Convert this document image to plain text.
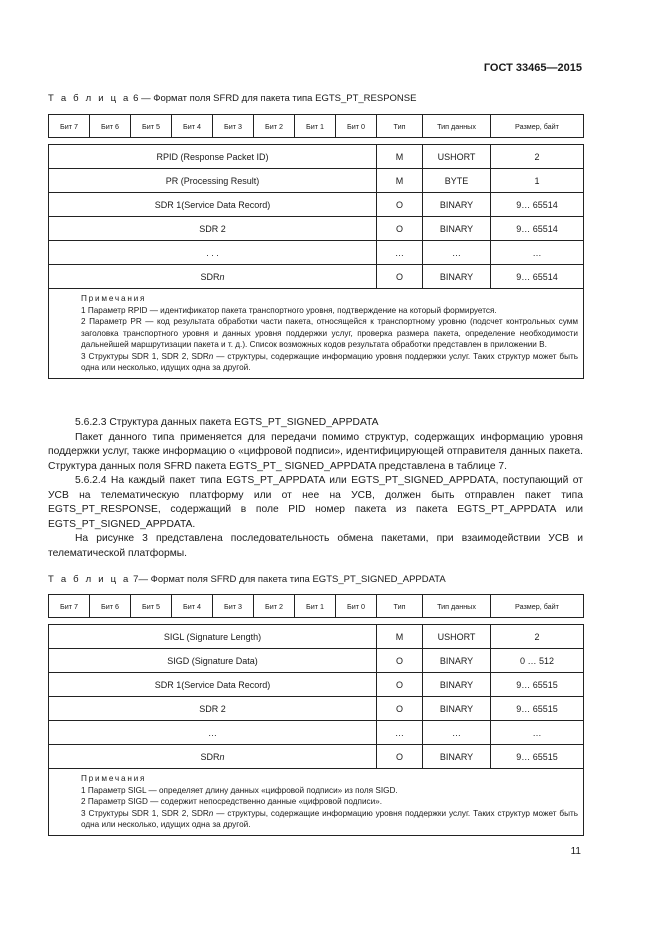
ГОСТ 33465—2015
Т а б л и ц а 6 — Формат поля SFRD для пакета типа EGTS_PT_RESPONSE
Бит 7	Бит 6	Бит 5	Бит 4	Бит 3	Бит 2	Бит 1	Бит 0	Тип	Тип данных	Размер, байт

RPID (Response Packet ID)								M	USHORT	2
PR (Processing Result)								M	BYTE	1
SDR 1(Service Data Record)								O	BINARY	9… 65514
SDR 2								O	BINARY	9… 65514
. . .								…	…	…
SDRn								O	BINARY	9… 65514

Примечания
1 Параметр RPID — идентификатор пакета транспортного уровня, подтверждение на который формируется.
2 Параметр PR — код результата обработки части пакета, относящейся к транспортному уровню (подсчет контрольных сумм заголовка транспортного уровня и данных уровня поддержки услуг, проверка размера пакета, определение необходимости дальнейшей маршрутизации пакета и т. д.). Список возможных кодов результата обработки представлен в приложении В.
3 Структуры SDR 1, SDR 2, SDRn — структуры, содержащие информацию уровня поддержки услуг. Таких структур может быть одна или несколько, идущих одна за другой.										

5.6.2.3 Структура данных пакета EGTS_PT_SIGNED_APPDATA

Пакет данного типа применяется для передачи помимо структур, содержащих информацию уровня поддержки услуг, также информацию о «цифровой подписи», идентифицирующей отправителя данных пакета. Структура данных поля SFRD пакета EGTS_PT_ SIGNED_APPDATA представлена в таблице 7.

5.6.2.4 На каждый пакет типа EGTS_PT_APPDATA или EGTS_PT_SIGNED_APPDATA, поступающий от УСВ на телематическую платформу или от нее на УСВ, должен быть отправлен пакет типа EGTS_PT_RESPONSE, содержащий в поле PID номер пакета из пакета EGTS_PT_APPDATA или EGTS_PT_SIGNED_APPDATA.

На рисунке 3 представлена последовательность обмена пакетами, при взаимодействии УСВ и телематической платформы.

Т а б л и ц а 7— Формат поля SFRD для пакета типа EGTS_PT_SIGNED_APPDATA
Бит 7	Бит 6	Бит 5	Бит 4	Бит 3	Бит 2	Бит 1	Бит 0	Тип	Тип данных	Размер, байт

SIGL (Signature Length)								M	USHORT	2
SIGD (Signature Data)								O	BINARY	0 … 512
SDR 1(Service Data Record)								O	BINARY	9… 65515
SDR 2								O	BINARY	9… 65515
…								…	…	…
SDRn								O	BINARY	9… 65515

Примечания
1 Параметр SIGL — определяет длину данных «цифровой подписи» из поля SIGD.
2 Параметр SIGD — содержит непосредственно данные «цифровой подписи».
3 Структуры SDR 1, SDR 2, SDRn — структуры, содержащие информацию уровня поддержки услуг. Таких структур может быть одна или несколько, идущих одна за другой.										
11
